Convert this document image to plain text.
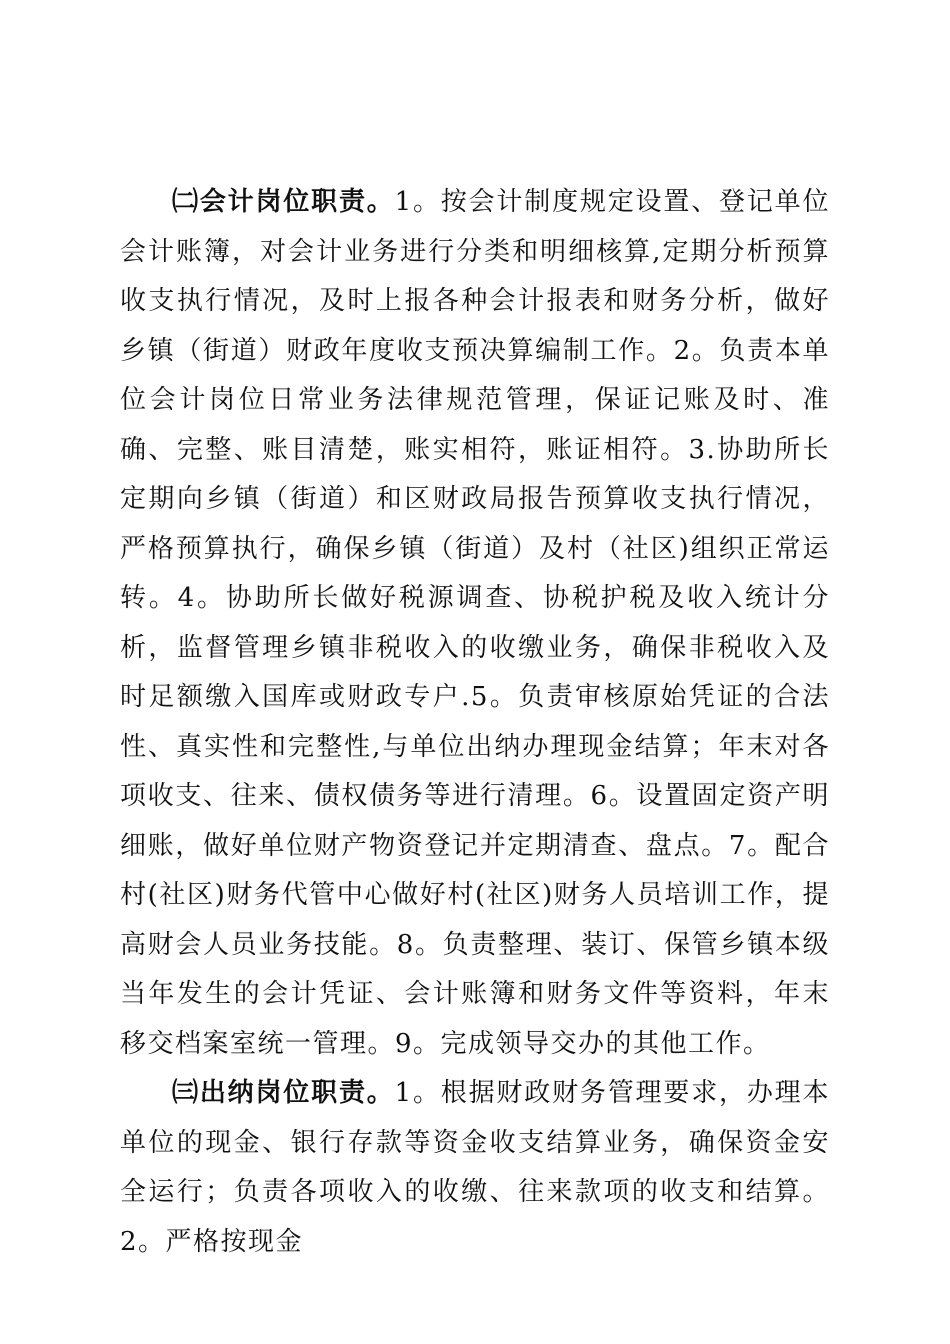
㈡会计岗位职责。1。按会计制度规定设置、登记单位会计账簿，对会计业务进行分类和明细核算,定期分析预算收支执行情况，及时上报各种会计报表和财务分析，做好乡镇（街道）财政年度收支预决算编制工作。2。负责本单位会计岗位日常业务法律规范管理，保证记账及时、准确、完整、账目清楚，账实相符，账证相符。3.协助所长定期向乡镇（街道）和区财政局报告预算收支执行情况，严格预算执行，确保乡镇（街道）及村（社区)组织正常运转。4。协助所长做好税源调查、协税护税及收入统计分析，监督管理乡镇非税收入的收缴业务，确保非税收入及时足额缴入国库或财政专户.5。负责审核原始凭证的合法性、真实性和完整性,与单位出纳办理现金结算；年末对各项收支、往来、债权债务等进行清理。6。设置固定资产明细账，做好单位财产物资登记并定期清查、盘点。7。配合村(社区)财务代管中心做好村(社区)财务人员培训工作，提高财会人员业务技能。8。负责整理、装订、保管乡镇本级当年发生的会计凭证、会计账簿和财务文件等资料，年末移交档案室统一管理。9。完成领导交办的其他工作。

㈢出纳岗位职责。1。根据财政财务管理要求，办理本单位的现金、银行存款等资金收支结算业务，确保资金安全运行；负责各项收入的收缴、往来款项的收支和结算。2。严格按现金
